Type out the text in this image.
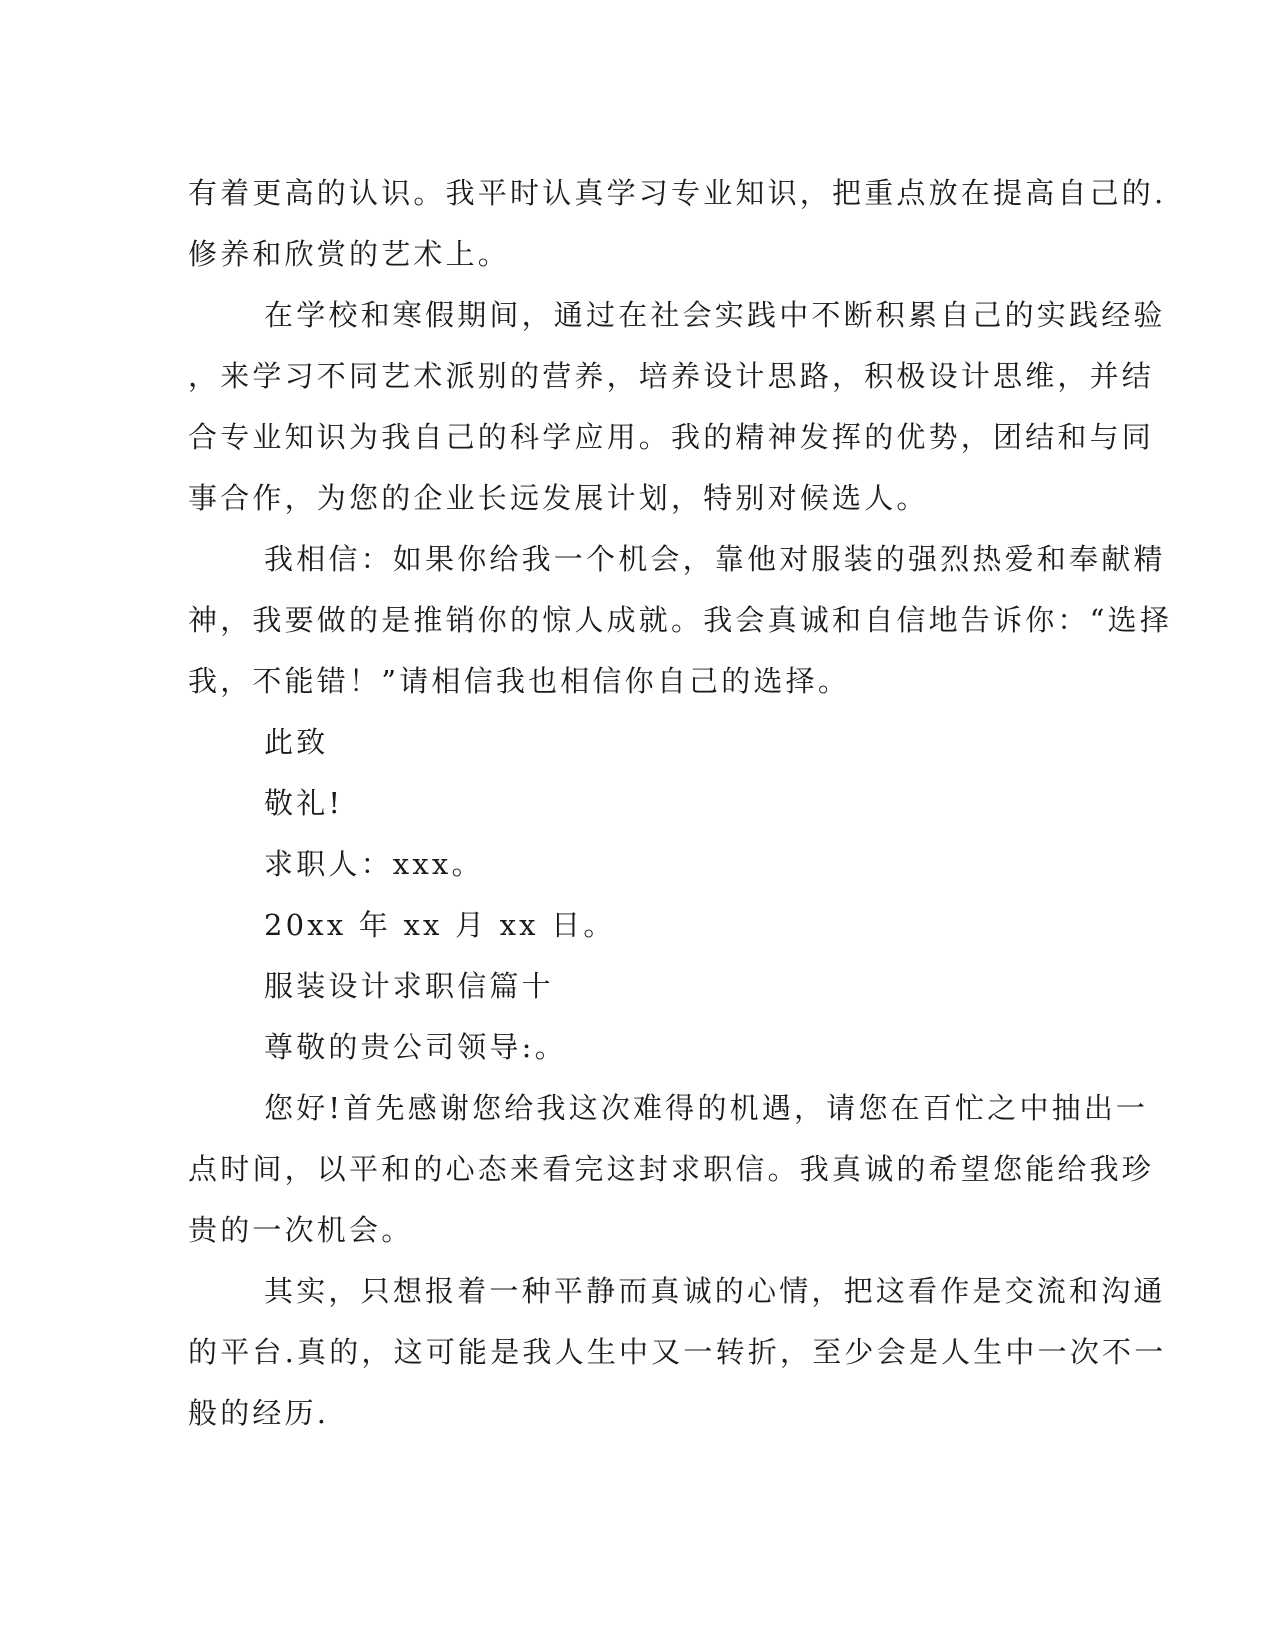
有着更高的认识。我平时认真学习专业知识，把重点放在提高自己的.
修养和欣赏的艺术上。

在学校和寒假期间，通过在社会实践中不断积累自己的实践经验
，来学习不同艺术派别的营养，培养设计思路，积极设计思维，并结
合专业知识为我自己的科学应用。我的精神发挥的优势，团结和与同
事合作，为您的企业长远发展计划，特别对候选人。

我相信：如果你给我一个机会，靠他对服装的强烈热爱和奉献精
神，我要做的是推销你的惊人成就。我会真诚和自信地告诉你：“选择
我，不能错！”请相信我也相信你自己的选择。

此致

敬礼!

求职人：xxx。

20xx 年 xx 月 xx 日。

服装设计求职信篇十

尊敬的贵公司领导:。

您好!首先感谢您给我这次难得的机遇，请您在百忙之中抽出一
点时间，以平和的心态来看完这封求职信。我真诚的希望您能给我珍
贵的一次机会。

其实，只想报着一种平静而真诚的心情，把这看作是交流和沟通
的平台.真的，这可能是我人生中又一转折，至少会是人生中一次不一
般的经历.
